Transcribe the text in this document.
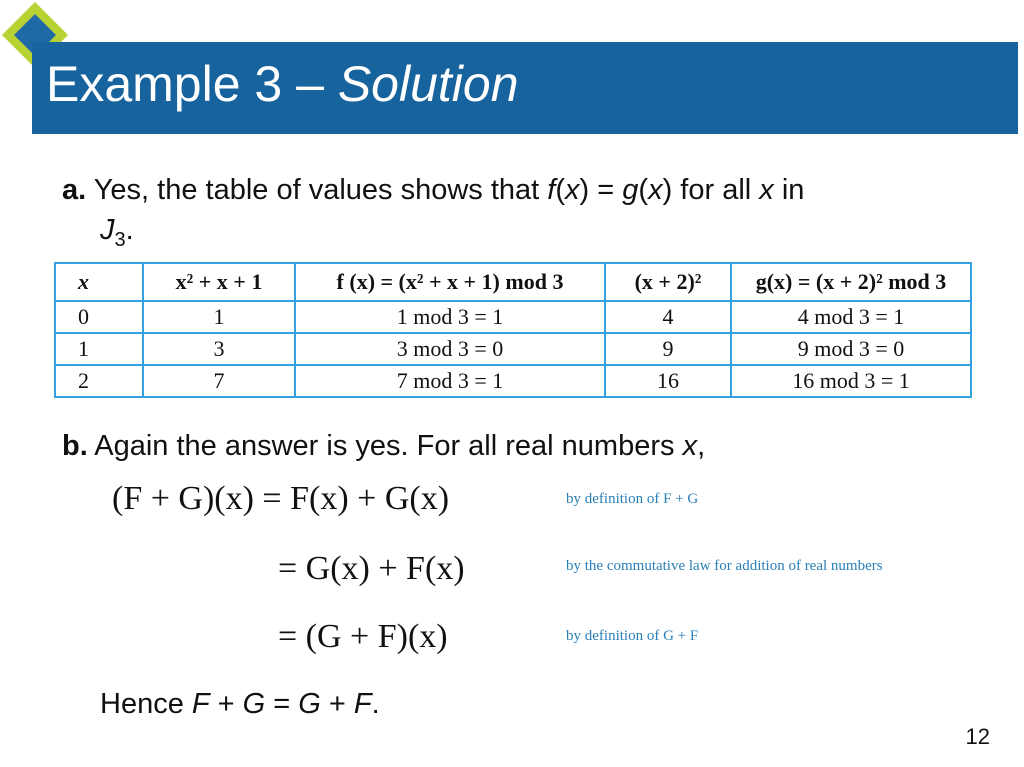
Example 3 – Solution
a. Yes, the table of values shows that f(x) = g(x) for all x in
$J_3$.
x	x² + x + 1	f (x) = (x² + x + 1) mod 3	(x + 2)²	g(x) = (x + 2)² mod 3
0	1	1 mod 3 = 1	4	4 mod 3 = 1
1	3	3 mod 3 = 0	9	9 mod 3 = 0
2	7	7 mod 3 = 1	16	16 mod 3 = 1
b. Again the answer is yes. For all real numbers x,
(F + G)(x) = F(x) + G(x)	by definition of F + G
= G(x) + F(x)	by the commutative law for addition of real numbers
= (G + F)(x)	by definition of G + F
Hence F + G = G + F.
12
